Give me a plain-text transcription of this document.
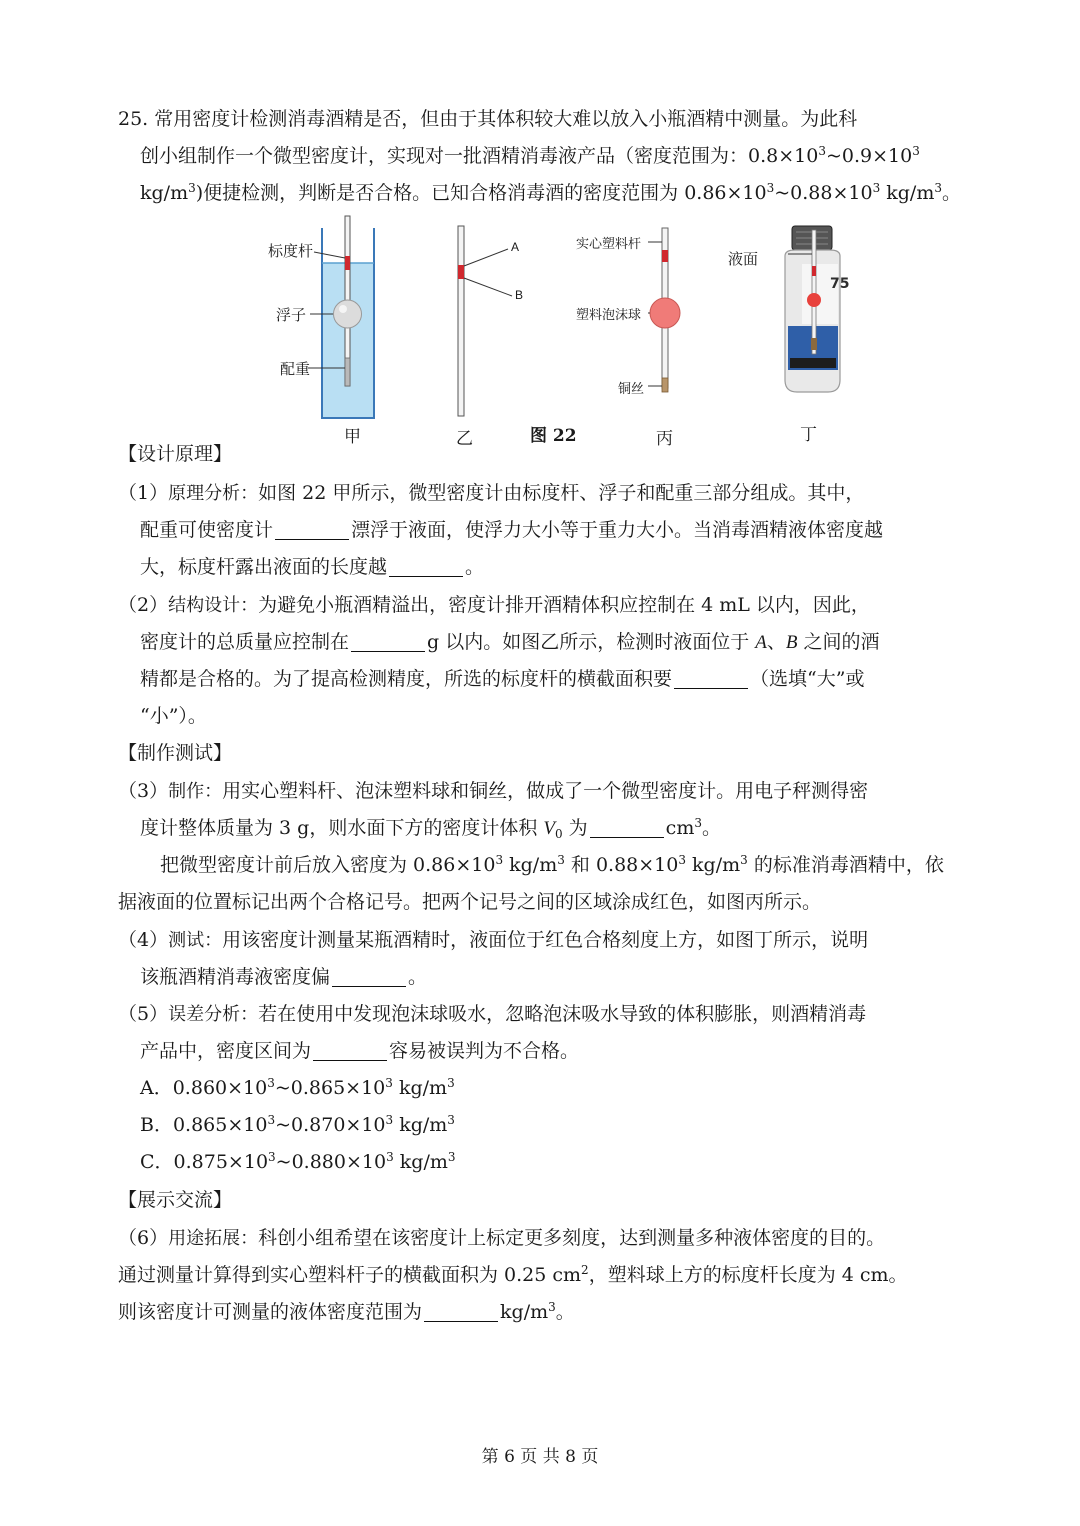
25. 常用密度计检测消毒酒精是否，但由于其体积较大难以放入小瓶酒精中测量。为此科
创小组制作一个微型密度计，实现对一批酒精消毒液产品（密度范围为：$0.8\times 10^3\sim 0.9\times 10^3$
$kg/m^3$)便捷检测，判断是否合格。已知合格消毒酒的密度范围为 $0.86\times 10^3\sim 0.88\times 10^3$ $kg/m^3$。
75
标度杆
浮子
配重
A
B
实心塑料杆
塑料泡沫球
铜丝
液面
甲	乙	图 22	丙	丁
【设计原理】
（1）原理分析：如图 22 甲所示，微型密度计由标度杆、浮子和配重三部分组成。其中，
配重可使密度计	漂浮于液面，使浮力大小等于重力大小。当消毒酒精液体密度越
大，标度杆露出液面的长度越	。
（2）结构设计：为避免小瓶酒精溢出，密度计排开酒精体积应控制在 4 mL 以内，因此，
密度计的总质量应控制在	g 以内。如图乙所示，检测时液面位于 A、B 之间的酒
精都是合格的。为了提高检测精度，所选的标度杆的横截面积要	（选填“大”或
“小”）。
【制作测试】
（3）制作：用实心塑料杆、泡沫塑料球和铜丝，做成了一个微型密度计。用电子秤测得密
度计整体质量为 3 g，则水面下方的密度计体积 $V_0$ 为	$cm^3$。
把微型密度计前后放入密度为 $0.86\times 10^3$ $kg/m^3$ 和 $0.88\times 10^3$ $kg/m^3$ 的标准消毒酒精中，依
据液面的位置标记出两个合格记号。把两个记号之间的区域涂成红色，如图丙所示。
（4）测试：用该密度计测量某瓶酒精时，液面位于红色合格刻度上方，如图丁所示，说明
该瓶酒精消毒液密度偏	。
（5）误差分析：若在使用中发现泡沫球吸水，忽略泡沫吸水导致的体积膨胀，则酒精消毒
产品中，密度区间为	容易被误判为不合格。
A．$0.860\times 10^3\sim 0.865\times 10^3$ $kg/m^3$
B．$0.865\times 10^3\sim 0.870\times 10^3$ $kg/m^3$
C．$0.875\times 10^3\sim 0.880\times 10^3$ $kg/m^3$
【展示交流】
（6）用途拓展：科创小组希望在该密度计上标定更多刻度，达到测量多种液体密度的目的。
通过测量计算得到实心塑料杆子的横截面积为 0.25 $cm^2$，塑料球上方的标度杆长度为 4 cm。
则该密度计可测量的液体密度范围为	$kg/m^3$。
第 6 页 共 8 页
